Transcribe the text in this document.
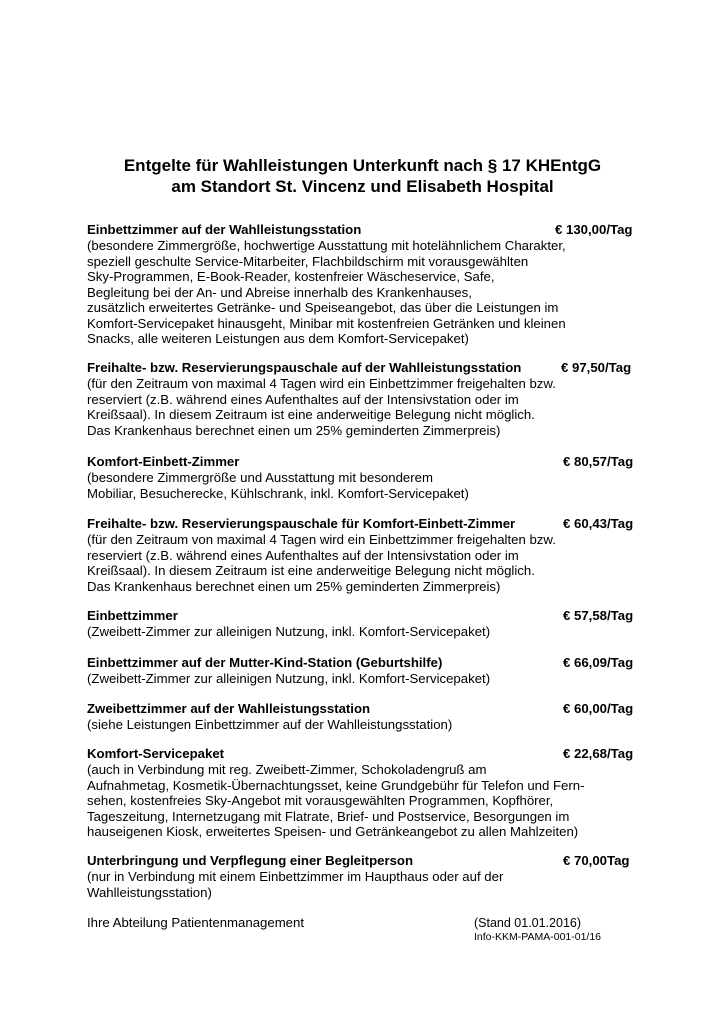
Entgelte für Wahlleistungen Unterkunft nach § 17 KHEntgG
am Standort St. Vincenz und Elisabeth Hospital
Einbettzimmer auf der Wahlleistungsstation	€ 130,00/Tag
(besondere Zimmergröße, hochwertige Ausstattung mit hotelähnlichem Charakter,
speziell geschulte Service-Mitarbeiter, Flachbildschirm mit vorausgewählten
Sky-Programmen, E-Book-Reader, kostenfreier Wäscheservice, Safe,
Begleitung bei der An- und Abreise innerhalb des Krankenhauses,
zusätzlich erweitertes Getränke- und Speiseangebot, das über die Leistungen im
Komfort-Servicepaket hinausgeht, Minibar mit kostenfreien Getränken und kleinen
Snacks, alle weiteren Leistungen aus dem Komfort-Servicepaket)
Freihalte- bzw. Reservierungspauschale auf der Wahlleistungsstation	€ 97,50/Tag
(für den Zeitraum von maximal 4 Tagen wird ein Einbettzimmer freigehalten bzw.
reserviert (z.B. während eines Aufenthaltes auf der Intensivstation oder im
Kreißsaal). In diesem Zeitraum ist eine anderweitige Belegung nicht möglich.
Das Krankenhaus berechnet einen um 25% geminderten Zimmerpreis)
Komfort-Einbett-Zimmer	€ 80,57/Tag
(besondere Zimmergröße und Ausstattung mit besonderem
Mobiliar, Besucherecke, Kühlschrank, inkl. Komfort-Servicepaket)
Freihalte- bzw. Reservierungspauschale für Komfort-Einbett-Zimmer	€ 60,43/Tag
(für den Zeitraum von maximal 4 Tagen wird ein Einbettzimmer freigehalten bzw.
reserviert (z.B. während eines Aufenthaltes auf der Intensivstation oder im
Kreißsaal). In diesem Zeitraum ist eine anderweitige Belegung nicht möglich.
Das Krankenhaus berechnet einen um 25% geminderten Zimmerpreis)
Einbettzimmer	€ 57,58/Tag
(Zweibett-Zimmer zur alleinigen Nutzung, inkl. Komfort-Servicepaket)
Einbettzimmer auf der Mutter-Kind-Station (Geburtshilfe)	€ 66,09/Tag
(Zweibett-Zimmer zur alleinigen Nutzung, inkl. Komfort-Servicepaket)
Zweibettzimmer auf der Wahlleistungsstation	€ 60,00/Tag
(siehe Leistungen Einbettzimmer auf der Wahlleistungsstation)
Komfort-Servicepaket	€ 22,68/Tag
(auch in Verbindung mit reg. Zweibett-Zimmer, Schokoladengruß am
Aufnahmetag, Kosmetik-Übernachtungsset, keine Grundgebühr für Telefon und Fern-
sehen, kostenfreies Sky-Angebot mit vorausgewählten Programmen, Kopfhörer,
Tageszeitung, Internetzugang mit Flatrate, Brief- und Postservice, Besorgungen im
hauseigenen Kiosk, erweitertes Speisen- und Getränkeangebot zu allen Mahlzeiten)
Unterbringung und Verpflegung einer Begleitperson	€ 70,00Tag
(nur in Verbindung mit einem Einbettzimmer im Haupthaus oder auf der
Wahlleistungsstation)
Ihre Abteilung Patientenmanagement	(Stand 01.01.2016)
Info-KKM-PAMA-001-01/16
